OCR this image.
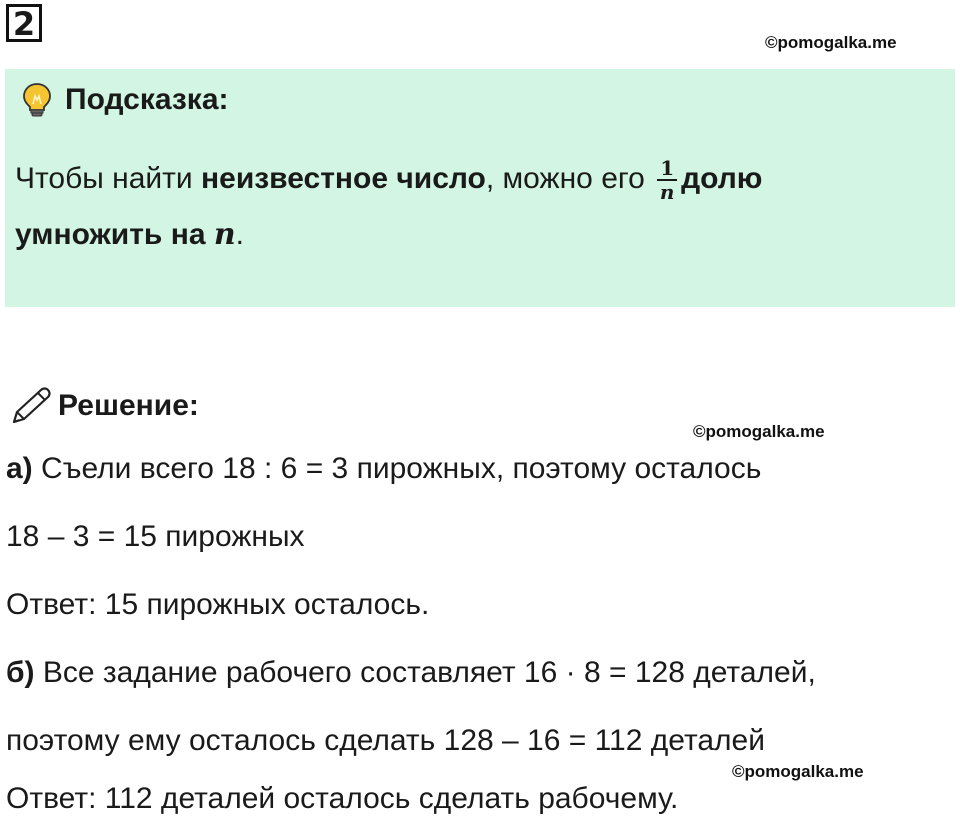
2	©pomogalka.me
Подсказка:
Чтобы найти неизвестное число, можно его $\frac{1}{n}$ долю
умножить на n.
Решение:
©pomogalka.me
а) Съели всего 18 : 6 = 3 пирожных, поэтому осталось
18 – 3 = 15 пирожных
Ответ: 15 пирожных осталось.
б) Все задание рабочего составляет 16 · 8 = 128 деталей,
поэтому ему осталось сделать 128 – 16 = 112 деталей
©pomogalka.me
Ответ: 112 деталей осталось сделать рабочему.
